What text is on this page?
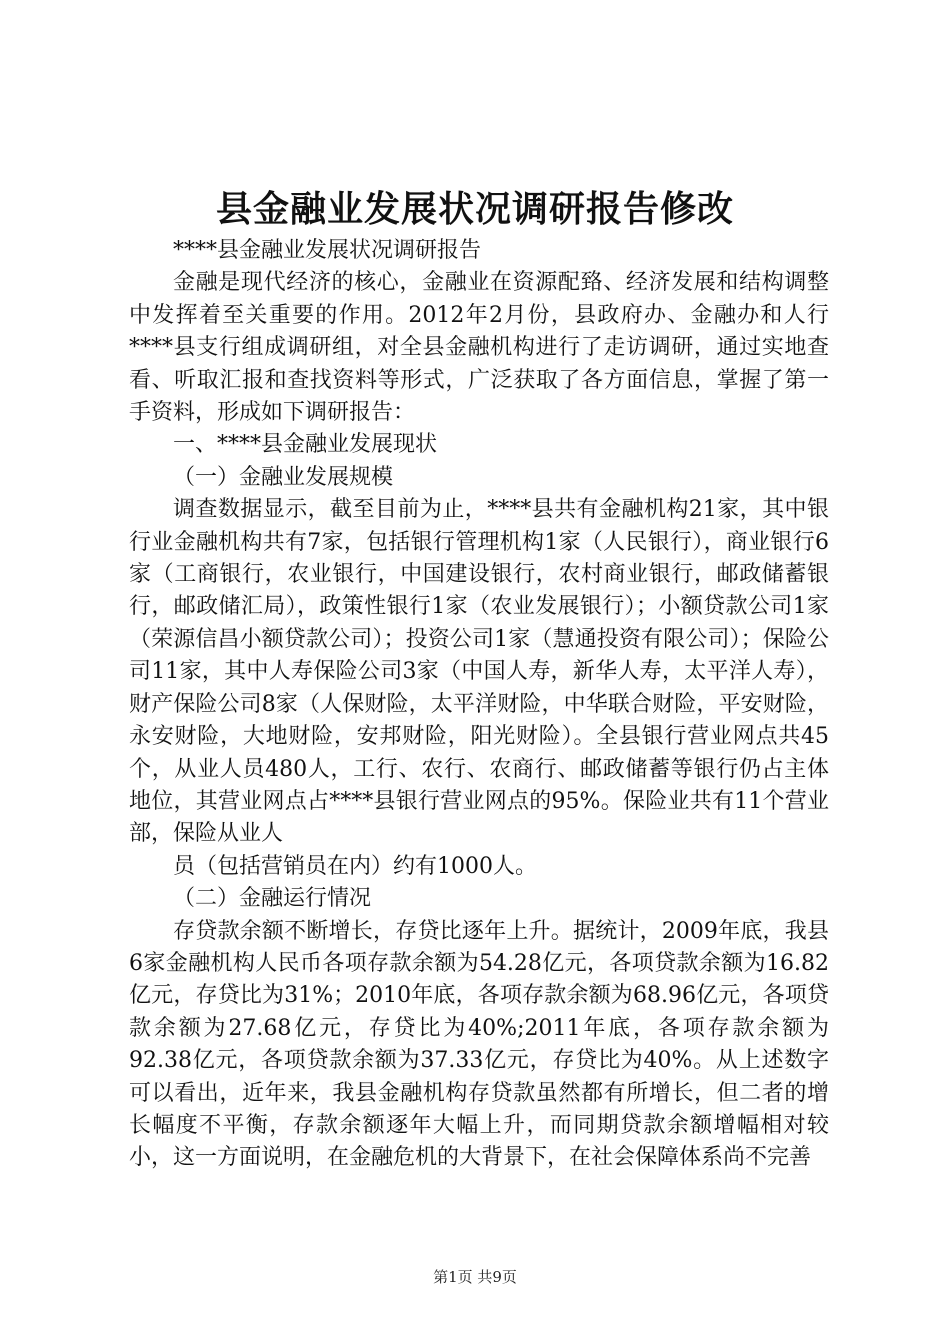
县金融业发展状况调研报告修改

****县金融业发展状况调研报告

金融是现代经济的核心，金融业在资源配臵、经济发展和结构调整中发挥着至关重要的作用。2012年2月份，县政府办、金融办和人行****县支行组成调研组，对全县金融机构进行了走访调研，通过实地查看、听取汇报和查找资料等形式，广泛获取了各方面信息，掌握了第一手资料，形成如下调研报告：

一、****县金融业发展现状

（一）金融业发展规模

调查数据显示，截至目前为止，****县共有金融机构21家，其中银行业金融机构共有7家，包括银行管理机构1家（人民银行），商业银行6家（工商银行，农业银行，中国建设银行，农村商业银行，邮政储蓄银行，邮政储汇局），政策性银行1家（农业发展银行）；小额贷款公司1家（荣源信昌小额贷款公司）；投资公司1家（慧通投资有限公司）；保险公司11家，其中人寿保险公司3家（中国人寿，新华人寿，太平洋人寿），财产保险公司8家（人保财险，太平洋财险，中华联合财险，平安财险，永安财险，大地财险，安邦财险，阳光财险）。全县银行营业网点共45个，从业人员480人，工行、农行、农商行、邮政储蓄等银行仍占主体地位，其营业网点占****县银行营业网点的95%。保险业共有11个营业部，保险从业人

员（包括营销员在内）约有1000人。

（二）金融运行情况

存贷款余额不断增长，存贷比逐年上升。据统计，2009年底，我县6家金融机构人民币各项存款余额为54.28亿元，各项贷款余额为16.82亿元，存贷比为31%；2010年底，各项存款余额为68.96亿元，各项贷款余额为27.68亿元，存贷比为40%;2011年底，各项存款余额为92.38亿元，各项贷款余额为37.33亿元，存贷比为40%。从上述数字可以看出，近年来，我县金融机构存贷款虽然都有所增长，但二者的增长幅度不平衡，存款余额逐年大幅上升，而同期贷款余额增幅相对较小，这一方面说明，在金融危机的大背景下，在社会保障体系尚不完善

第1页 共9页
